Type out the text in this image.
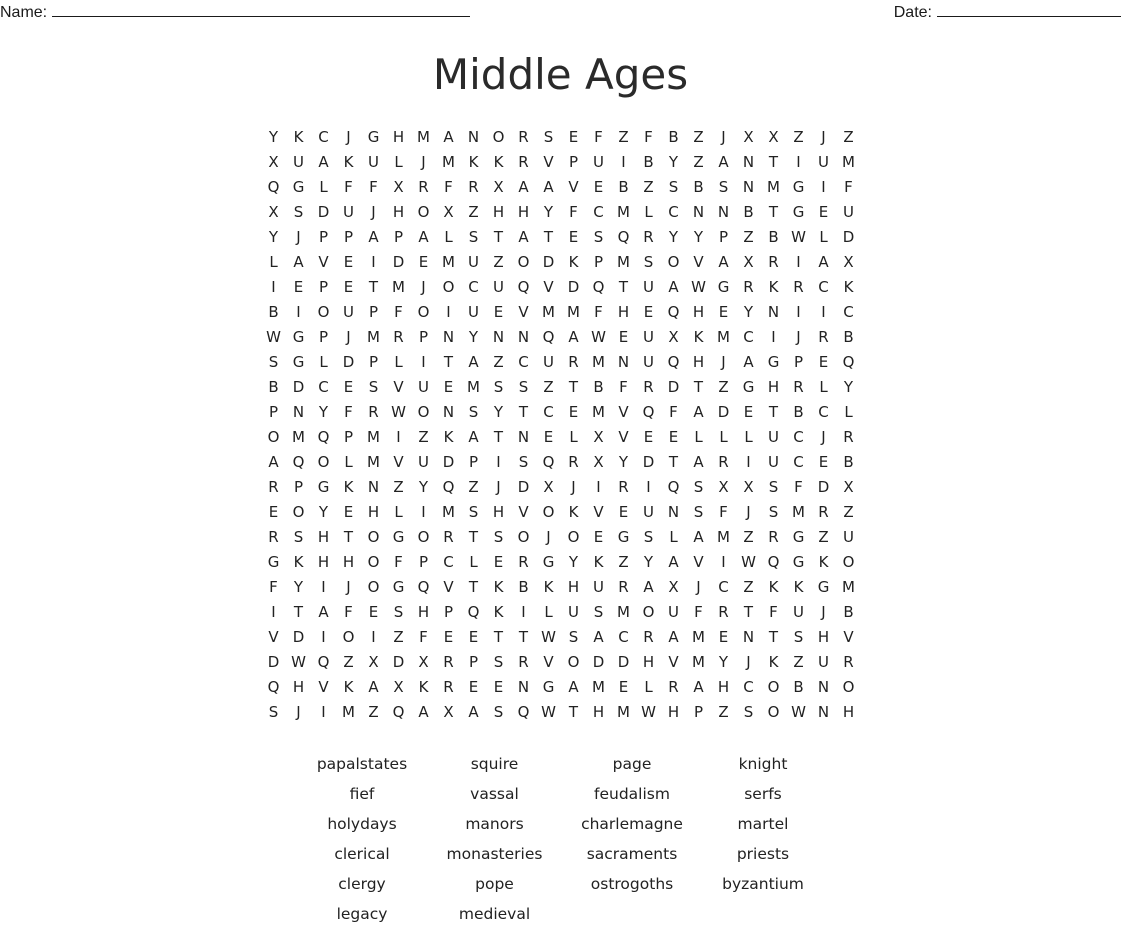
Name:	Date:
Middle Ages
Y	K C	J	G H M A N O R	S	E	F	Z	F	B Z	J	X X Z	J	Z
X U A K U	L	J	M K	K R V	P U	I	B	Y	Z A N T	I	U M
Q G	L	F	F	X R	F	R X A A V	E	B Z	S	B	S N M G	I	F
X	S D U	J	H O X Z H H Y	F	C M L	C N N B	T G E U
Y	J	P	P	A	P	A	L	S	T	A	T	E	S Q R	Y	Y	P	Z B W L	D
L	A V	E	I	D E M U Z O D K	P M S O V A X R	I	A X
I	E	P	E	T M	J	O C U Q V D Q T U A W G R K R C K
B	I	O U P	F O	I	U E	V M M F	H E Q H E	Y N	I	I	C
W G P	J	M R	P N Y N N Q A W E U X K M C	I	J	R B
S G	L	D P	L	I	T	A Z C U R M N U Q H	J	A G P	E Q
B D C	E	S	V U E M S	S	Z	T	B	F	R D T	Z G H R	L	Y
P N Y	F	R W O N S	Y	T	C	E M V Q F	A D E	T	B C	L
O M Q P M	I	Z K A	T N E	L	X V	E	E	L	L	L	U C	J	R
A Q O L M V U D P	I	S Q R X	Y D T	A R	I	U C	E	B
R	P G K N Z	Y Q Z	J	D X	J	I	R	I	Q S	X X	S	F D X
E O Y	E H	L	I	M S H V O K V	E U N S	F	J	S M R Z
R	S H T O G O R	T	S O	J	O E G S	L	A M Z R G Z U
G K H H O F	P	C	L	E	R G Y	K Z	Y	A V	I	W Q G K O
F	Y	I	J	O G Q V	T	K B K H U R A X	J	C Z K	K G M
I	T	A	F	E	S H P Q K	I	L	U S M O U	F	R	T	F	U	J	B
V D	I	O	I	Z	F	E	E	T	T W S	A C R A M E N T	S H V
D W Q Z X D X R	P	S	R V O D D H V M Y	J	K Z U R
Q H V K A X K R	E	E N G A M E	L	R A H C O B N O
S	J	I	M Z Q A X A	S Q W T H M W H P	Z	S O W N H
papalstates	squire	page	knight
fief	vassal	feudalism	serfs
holydays	manors	charlemagne	martel
clerical	monasteries	sacraments	priests
clergy	pope	ostrogoths	byzantium
legacy	medieval
